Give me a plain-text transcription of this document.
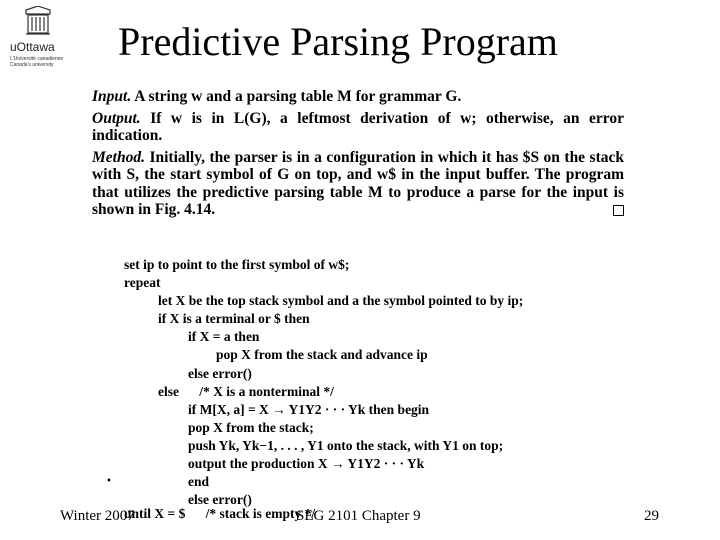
uOttawa
L'Université canadienne Canada's university
Predictive Parsing Program
Input. A string w and a parsing table M for grammar G.
Output. If w is in L(G), a leftmost derivation of w; otherwise, an error indication.
Method. Initially, the parser is in a configuration in which it has $S on the stack with S, the start symbol of G on top, and w$ in the input buffer. The program that utilizes the predictive parsing table M to produce a parse for the input is shown in Fig. 4.14.
set ip to point to the first symbol of w$;
repeat
let X be the top stack symbol and a the symbol pointed to by ip;
if X is a terminal or $ then
if X = a then
pop X from the stack and advance ip
else error()
else      /* X is a nonterminal */
if M[X, a] = X → Y1Y2 · · · Yk then begin
pop X from the stack;
push Yk, Yk−1, . . . , Y1 onto the stack, with Y1 on top;
output the production X → Y1Y2 · · · Yk
end
else error()
•
until X = $      /* stack is empty */
Winter 2007	SEG 2101 Chapter 9	29
